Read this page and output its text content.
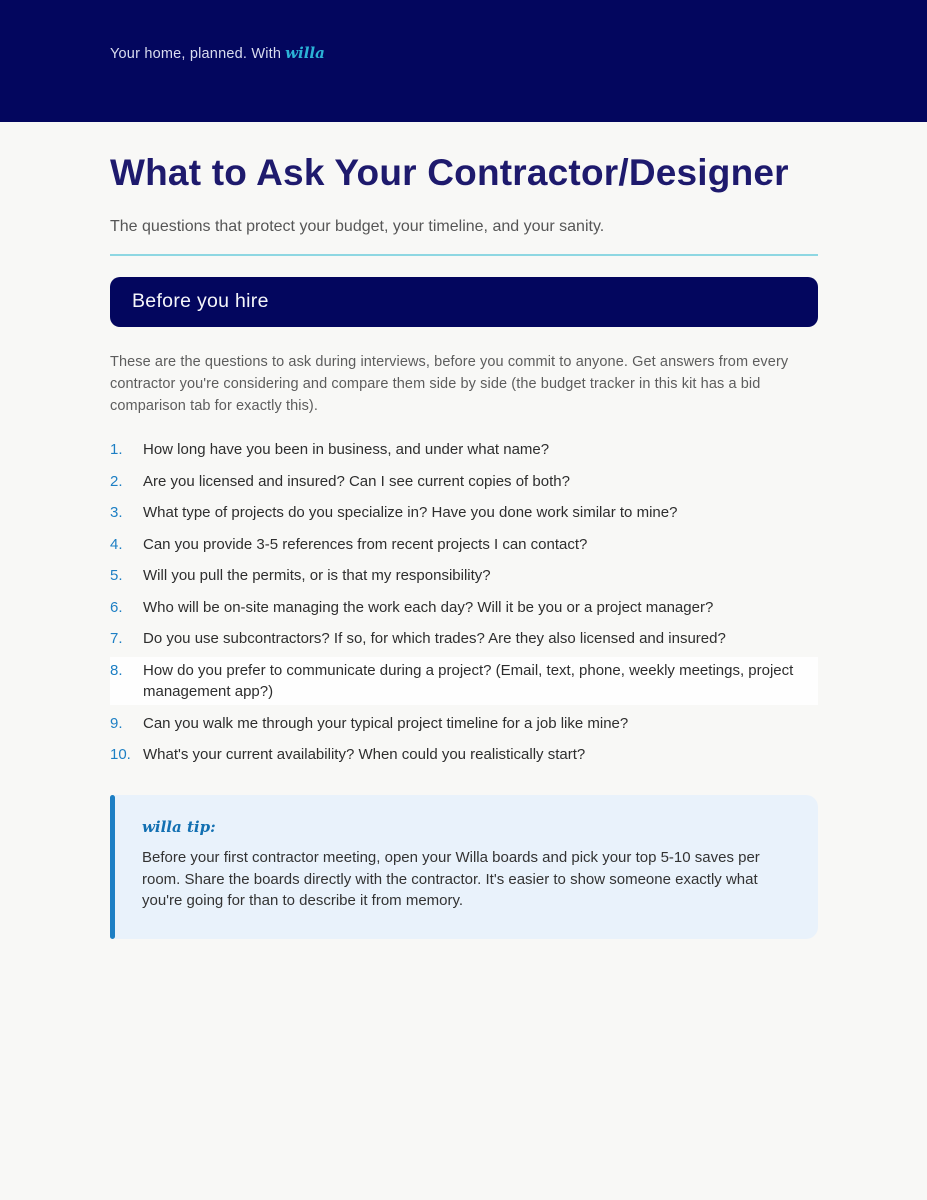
Your home, planned. With willa
What to Ask Your Contractor/Designer

The questions that protect your budget, your timeline, and your sanity.

Before you hire

These are the questions to ask during interviews, before you commit to anyone. Get answers from every contractor you're considering and compare them side by side (the budget tracker in this kit has a bid comparison tab for exactly this).

1.	How long have you been in business, and under what name?
2.	Are you licensed and insured? Can I see current copies of both?
3.	What type of projects do you specialize in? Have you done work similar to mine?
4.	Can you provide 3-5 references from recent projects I can contact?
5.	Will you pull the permits, or is that my responsibility?
6.	Who will be on-site managing the work each day? Will it be you or a project manager?
7.	Do you use subcontractors? If so, for which trades? Are they also licensed and insured?
8.	How do you prefer to communicate during a project? (Email, text, phone, weekly meetings, project management app?)
9.	Can you walk me through your typical project timeline for a job like mine?
10. What's your current availability? When could you realistically start?
willa tip:

Before your first contractor meeting, open your Willa boards and pick your top 5-10 saves per room. Share the boards directly with the contractor. It's easier to show someone exactly what you're going for than to describe it from memory.
